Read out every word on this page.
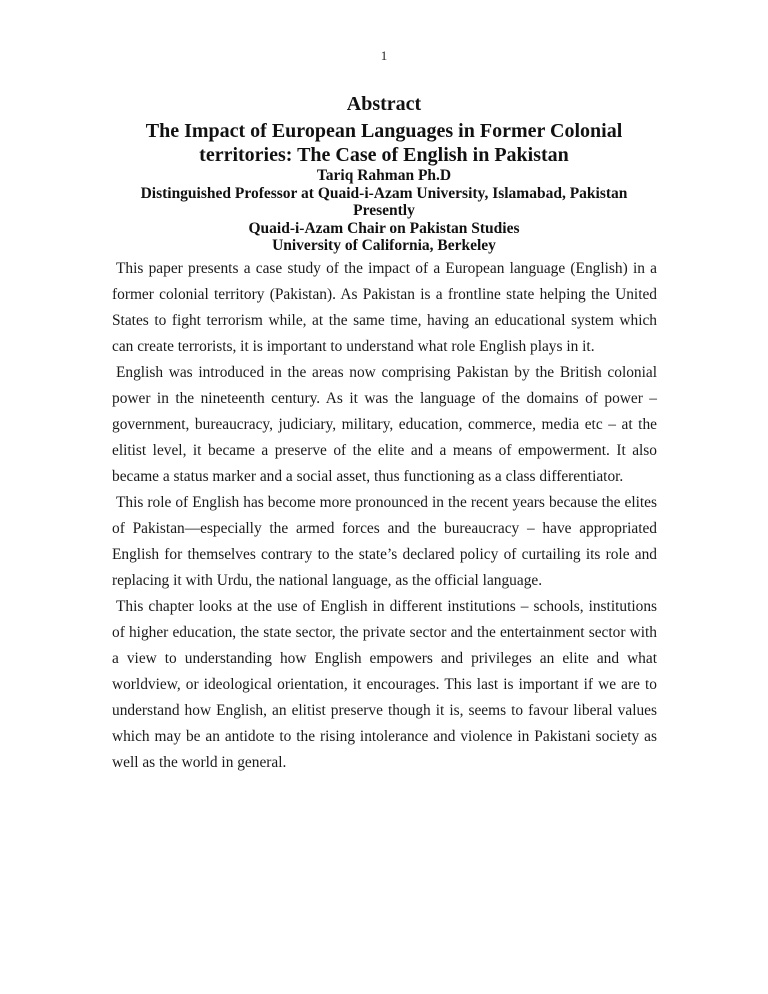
1
Abstract
The Impact of European Languages in Former Colonial
territories: The Case of English in Pakistan
Tariq Rahman Ph.D
Distinguished Professor at Quaid-i-Azam University, Islamabad, Pakistan
Presently
Quaid-i-Azam Chair on Pakistan Studies
University of California, Berkeley

This paper presents a case study of the impact of a European language (English) in a former colonial territory (Pakistan). As Pakistan is a frontline state helping the United States to fight terrorism while, at the same time, having an educational system which can create terrorists, it is important to understand what role English plays in it.

English was introduced in the areas now comprising Pakistan by the British colonial power in the nineteenth century. As it was the language of the domains of power – government, bureaucracy, judiciary, military, education, commerce, media etc – at the elitist level, it became a preserve of the elite and a means of empowerment. It also became a status marker and a social asset, thus functioning as a class differentiator.

This role of English has become more pronounced in the recent years because the elites of Pakistan—especially the armed forces and the bureaucracy – have appropriated English for themselves contrary to the state’s declared policy of curtailing its role and replacing it with Urdu, the national language, as the official language.

This chapter looks at the use of English in different institutions – schools, institutions of higher education, the state sector, the private sector and the entertainment sector with a view to understanding how English empowers and privileges an elite and what worldview, or ideological orientation, it encourages. This last is important if we are to understand how English, an elitist preserve though it is, seems to favour liberal values which may be an antidote to the rising intolerance and violence in Pakistani society as well as the world in general.
